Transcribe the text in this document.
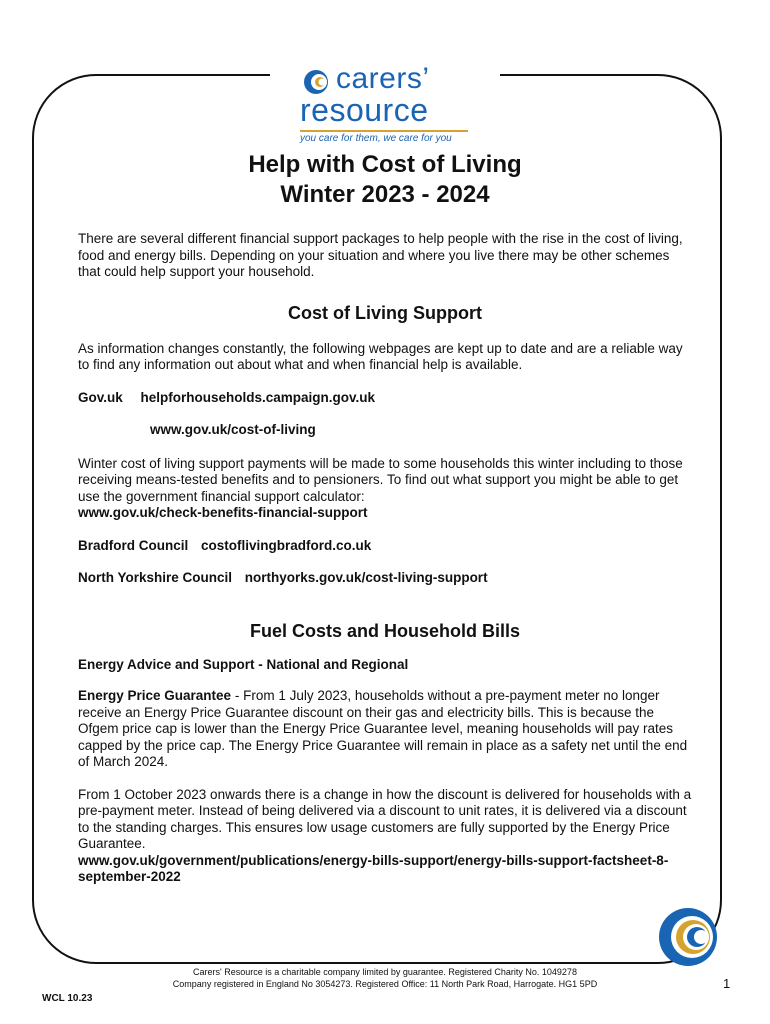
carers’
resource
you care for them, we care for you
Help with Cost of Living
Winter 2023 - 2024

There are several different financial support packages to help people with the rise in the cost of living, food and energy bills. Depending on your situation and where you live there may be other schemes that could help support your household.

Cost of Living Support

As information changes constantly, the following webpages are kept up to date and are a reliable way to find any information out about what and when financial help is available.

Gov.uk helpforhouseholds.campaign.gov.uk
www.gov.uk/cost-of-living

Winter cost of living support payments will be made to some households this winter including to those receiving means-tested benefits and to pensioners. To find out what support you might be able to get use the government financial support calculator:
www.gov.uk/check-benefits-financial-support

Bradford Council costoflivingbradford.co.uk
North Yorkshire Council northyorks.gov.uk/cost-living-support
Fuel Costs and Household Bills
Energy Advice and Support - National and Regional

Energy Price Guarantee - From 1 July 2023, households without a pre-payment meter no longer receive an Energy Price Guarantee discount on their gas and electricity bills. This is because the Ofgem price cap is lower than the Energy Price Guarantee level, meaning households will pay rates capped by the price cap. The Energy Price Guarantee will remain in place as a safety net until the end of March 2024.

From 1 October 2023 onwards there is a change in how the discount is delivered for households with a pre-payment meter. Instead of being delivered via a discount to unit rates, it is delivered via a discount to the standing charges. This ensures low usage customers are fully supported by the Energy Price Guarantee.
www.gov.uk/government/publications/energy-bills-support/energy-bills-support-factsheet-8-september-2022

Carers' Resource is a charitable company limited by guarantee. Registered Charity No. 1049278
Company registered in England No 3054273. Registered Office: 11 North Park Road, Harrogate. HG1 5PD	1
WCL 10.23
